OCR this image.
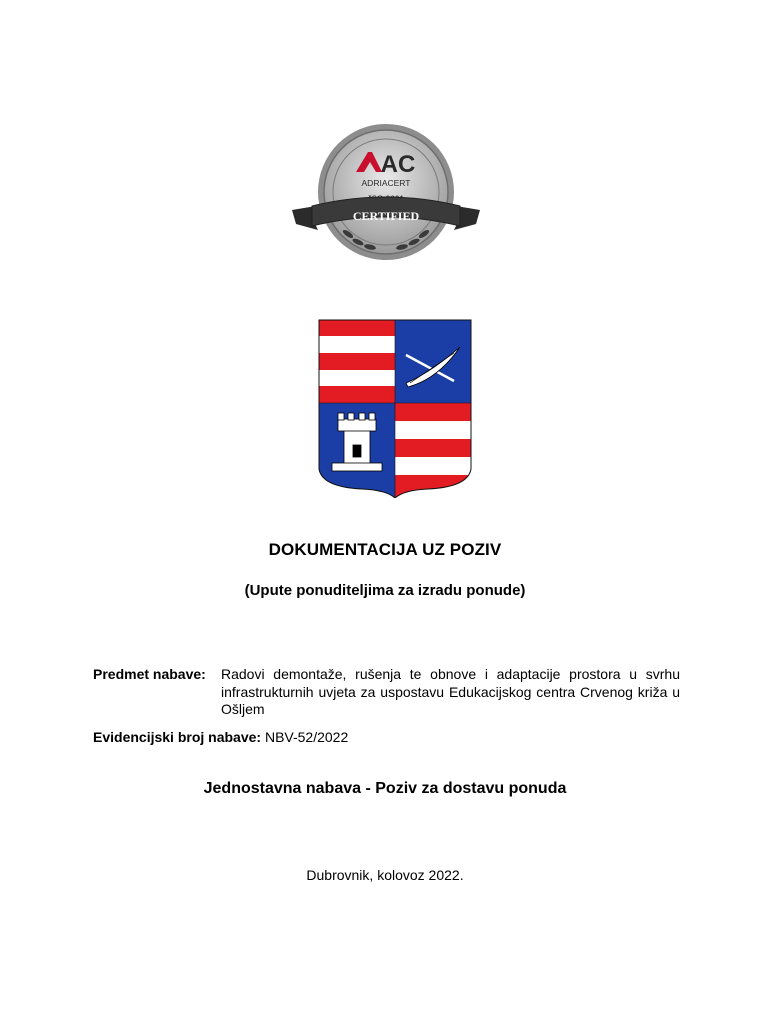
AC
ADRIACERT
CERTIFIED
DOKUMENTACIJA UZ POZIV
(Upute ponuditeljima za izradu ponude)
Predmet nabave: Radovi demontaže, rušenja te obnove i adaptacije prostora u svrhu infrastrukturnih uvjeta za uspostavu Edukacijskog centra Crvenog križa u Ošljem
Evidencijski broj nabave: NBV-52/2022
Jednostavna nabava - Poziv za dostavu ponuda
Dubrovnik, kolovoz 2022.
